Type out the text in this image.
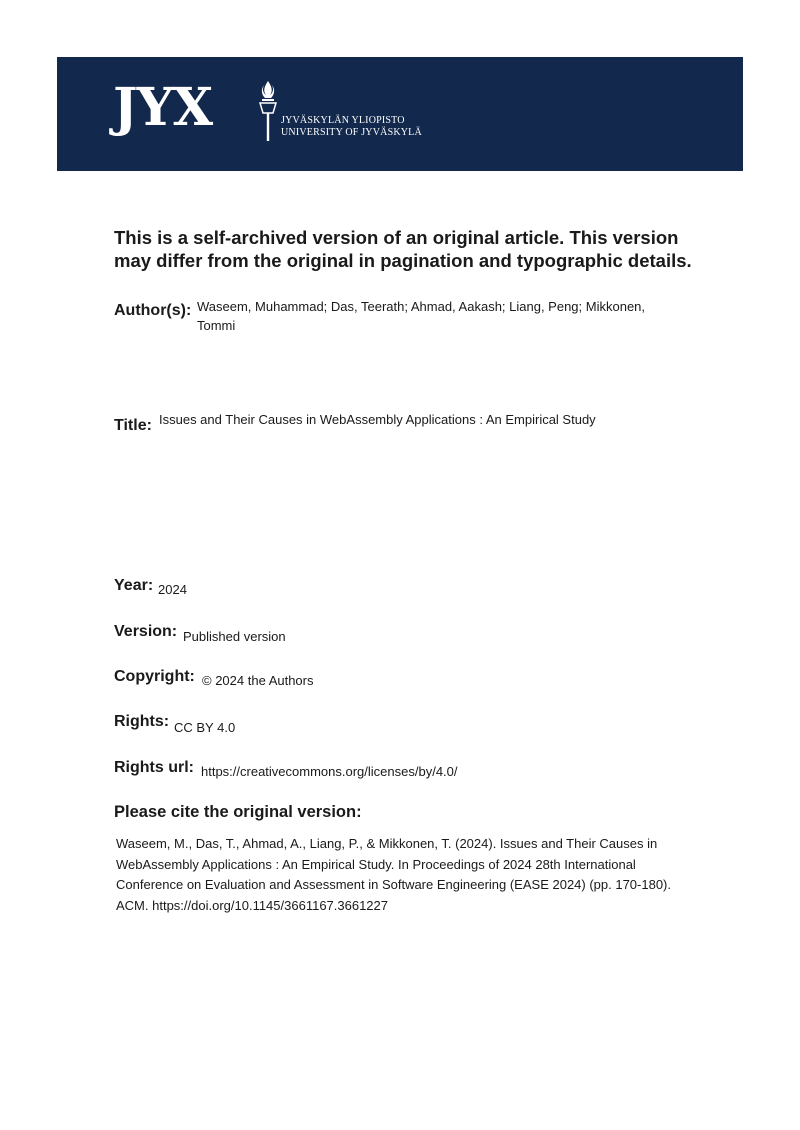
JYX	JYVÄSKYLÄN YLIOPISTO
UNIVERSITY OF JYVÄSKYLÄ
This is a self-archived version of an original article. This version may differ from the original in pagination and typographic details.
Author(s): Waseem, Muhammad; Das, Teerath; Ahmad, Aakash; Liang, Peng; Mikkonen, Tommi
Title: Issues and Their Causes in WebAssembly Applications : An Empirical Study
Year: 2024
Version: Published version
Copyright: © 2024 the Authors
Rights: CC BY 4.0
Rights url: https://creativecommons.org/licenses/by/4.0/
Please cite the original version:
Waseem, M., Das, T., Ahmad, A., Liang, P., & Mikkonen, T. (2024). Issues and Their Causes in WebAssembly Applications : An Empirical Study. In Proceedings of 2024 28th International Conference on Evaluation and Assessment in Software Engineering (EASE 2024) (pp. 170-180). ACM. https://doi.org/10.1145/3661167.3661227
